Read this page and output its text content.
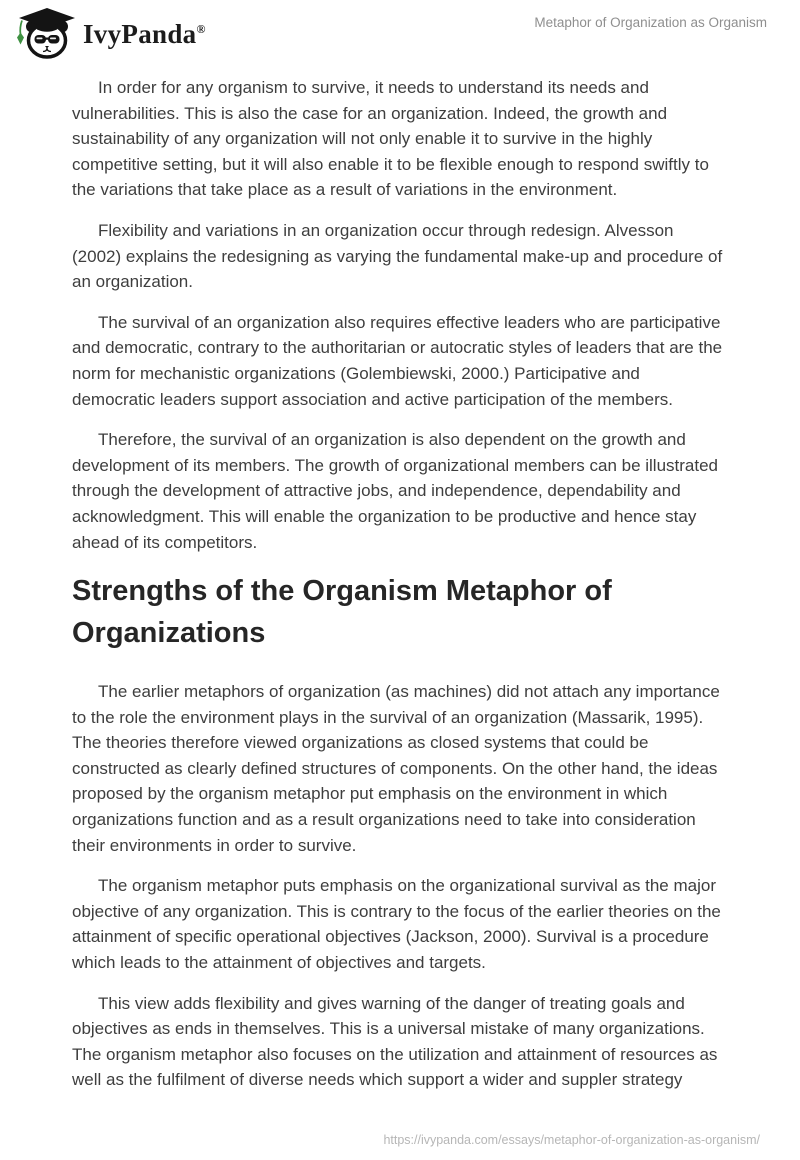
IvyPanda®	Metaphor of Organization as Organism

In order for any organism to survive, it needs to understand its needs and vulnerabilities. This is also the case for an organization. Indeed, the growth and sustainability of any organization will not only enable it to survive in the highly competitive setting, but it will also enable it to be flexible enough to respond swiftly to the variations that take place as a result of variations in the environment.

Flexibility and variations in an organization occur through redesign. Alvesson (2002) explains the redesigning as varying the fundamental make-up and procedure of an organization.

The survival of an organization also requires effective leaders who are participative and democratic, contrary to the authoritarian or autocratic styles of leaders that are the norm for mechanistic organizations (Golembiewski, 2000.) Participative and democratic leaders support association and active participation of the members.

Therefore, the survival of an organization is also dependent on the growth and development of its members. The growth of organizational members can be illustrated through the development of attractive jobs, and independence, dependability and acknowledgment. This will enable the organization to be productive and hence stay ahead of its competitors.

Strengths of the Organism Metaphor of Organizations

The earlier metaphors of organization (as machines) did not attach any importance to the role the environment plays in the survival of an organization (Massarik, 1995). The theories therefore viewed organizations as closed systems that could be constructed as clearly defined structures of components. On the other hand, the ideas proposed by the organism metaphor put emphasis on the environment in which organizations function and as a result organizations need to take into consideration their environments in order to survive.

The organism metaphor puts emphasis on the organizational survival as the major objective of any organization. This is contrary to the focus of the earlier theories on the attainment of specific operational objectives (Jackson, 2000). Survival is a procedure which leads to the attainment of objectives and targets.

This view adds flexibility and gives warning of the danger of treating goals and objectives as ends in themselves. This is a universal mistake of many organizations. The organism metaphor also focuses on the utilization and attainment of resources as well as the fulfilment of diverse needs which support a wider and suppler strategy

https://ivypanda.com/essays/metaphor-of-organization-as-organism/
